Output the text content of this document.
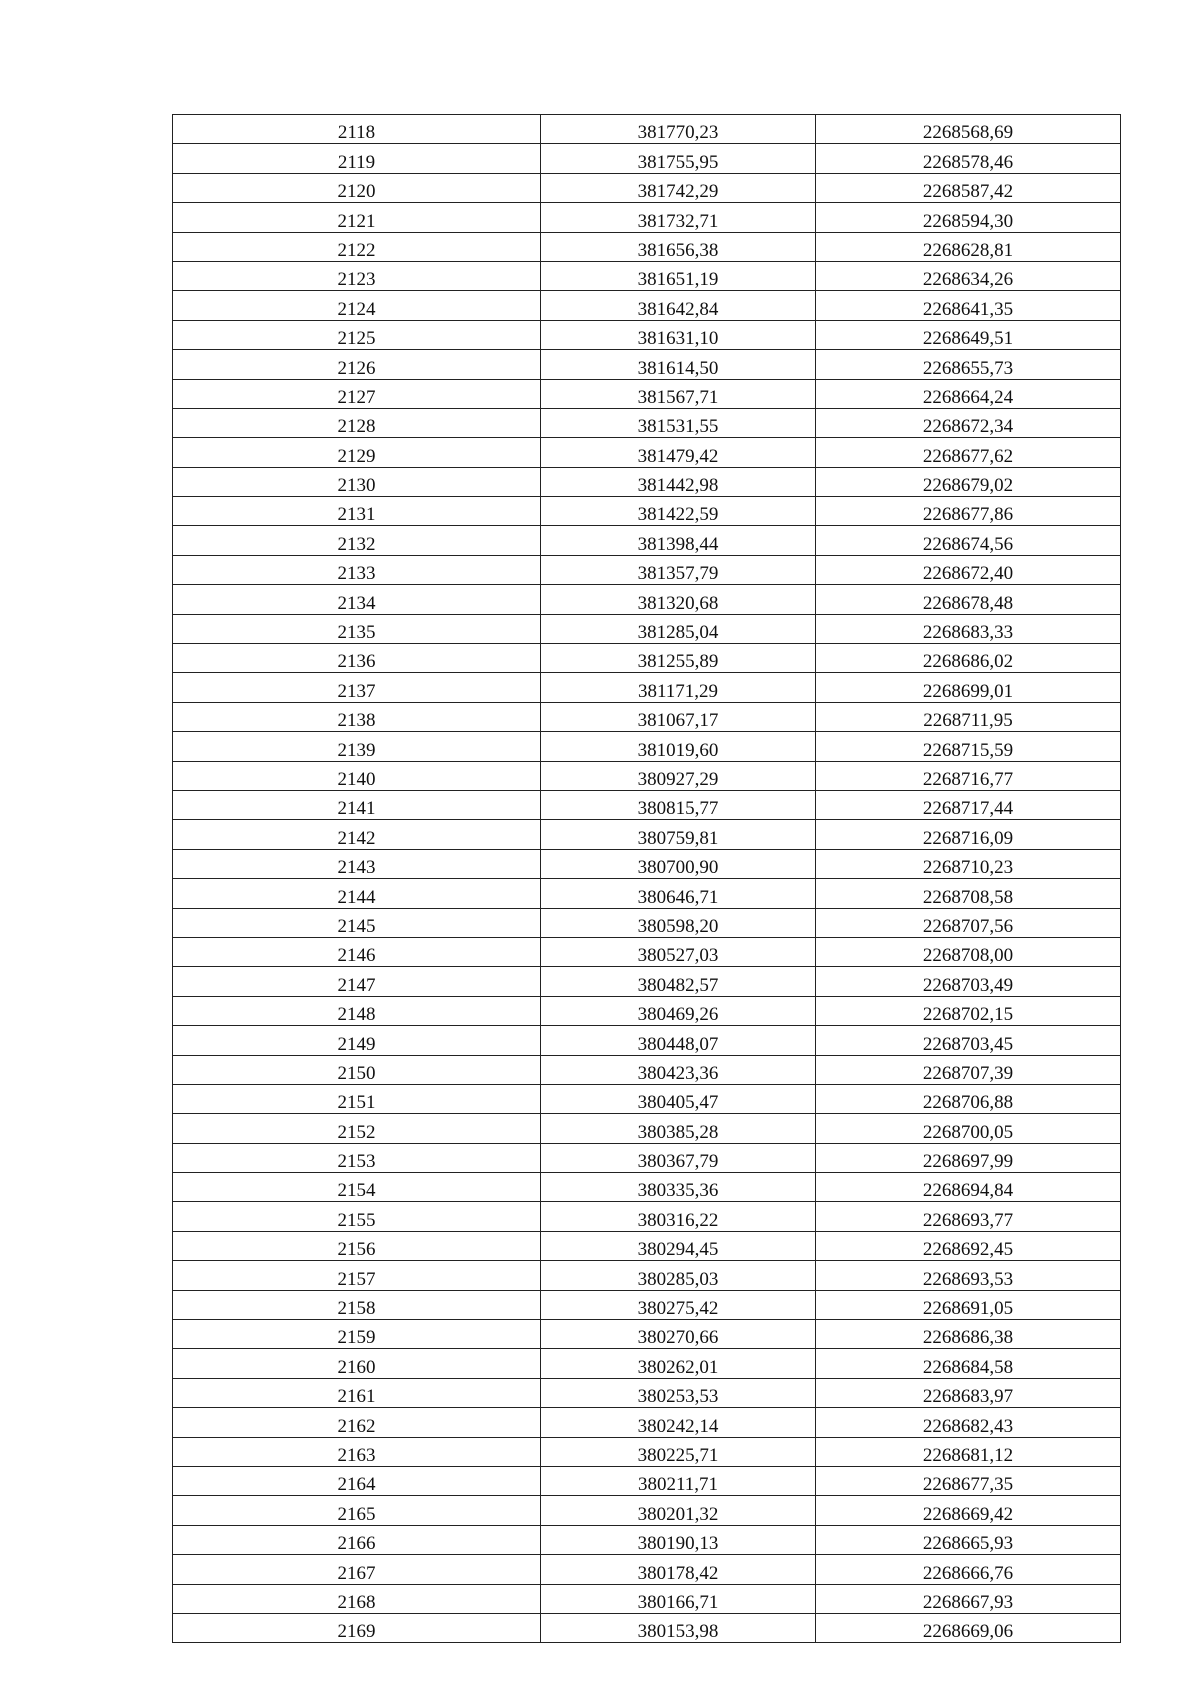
2118	381770,23	2268568,69
2119	381755,95	2268578,46
2120	381742,29	2268587,42
2121	381732,71	2268594,30
2122	381656,38	2268628,81
2123	381651,19	2268634,26
2124	381642,84	2268641,35
2125	381631,10	2268649,51
2126	381614,50	2268655,73
2127	381567,71	2268664,24
2128	381531,55	2268672,34
2129	381479,42	2268677,62
2130	381442,98	2268679,02
2131	381422,59	2268677,86
2132	381398,44	2268674,56
2133	381357,79	2268672,40
2134	381320,68	2268678,48
2135	381285,04	2268683,33
2136	381255,89	2268686,02
2137	381171,29	2268699,01
2138	381067,17	2268711,95
2139	381019,60	2268715,59
2140	380927,29	2268716,77
2141	380815,77	2268717,44
2142	380759,81	2268716,09
2143	380700,90	2268710,23
2144	380646,71	2268708,58
2145	380598,20	2268707,56
2146	380527,03	2268708,00
2147	380482,57	2268703,49
2148	380469,26	2268702,15
2149	380448,07	2268703,45
2150	380423,36	2268707,39
2151	380405,47	2268706,88
2152	380385,28	2268700,05
2153	380367,79	2268697,99
2154	380335,36	2268694,84
2155	380316,22	2268693,77
2156	380294,45	2268692,45
2157	380285,03	2268693,53
2158	380275,42	2268691,05
2159	380270,66	2268686,38
2160	380262,01	2268684,58
2161	380253,53	2268683,97
2162	380242,14	2268682,43
2163	380225,71	2268681,12
2164	380211,71	2268677,35
2165	380201,32	2268669,42
2166	380190,13	2268665,93
2167	380178,42	2268666,76
2168	380166,71	2268667,93
2169	380153,98	2268669,06
